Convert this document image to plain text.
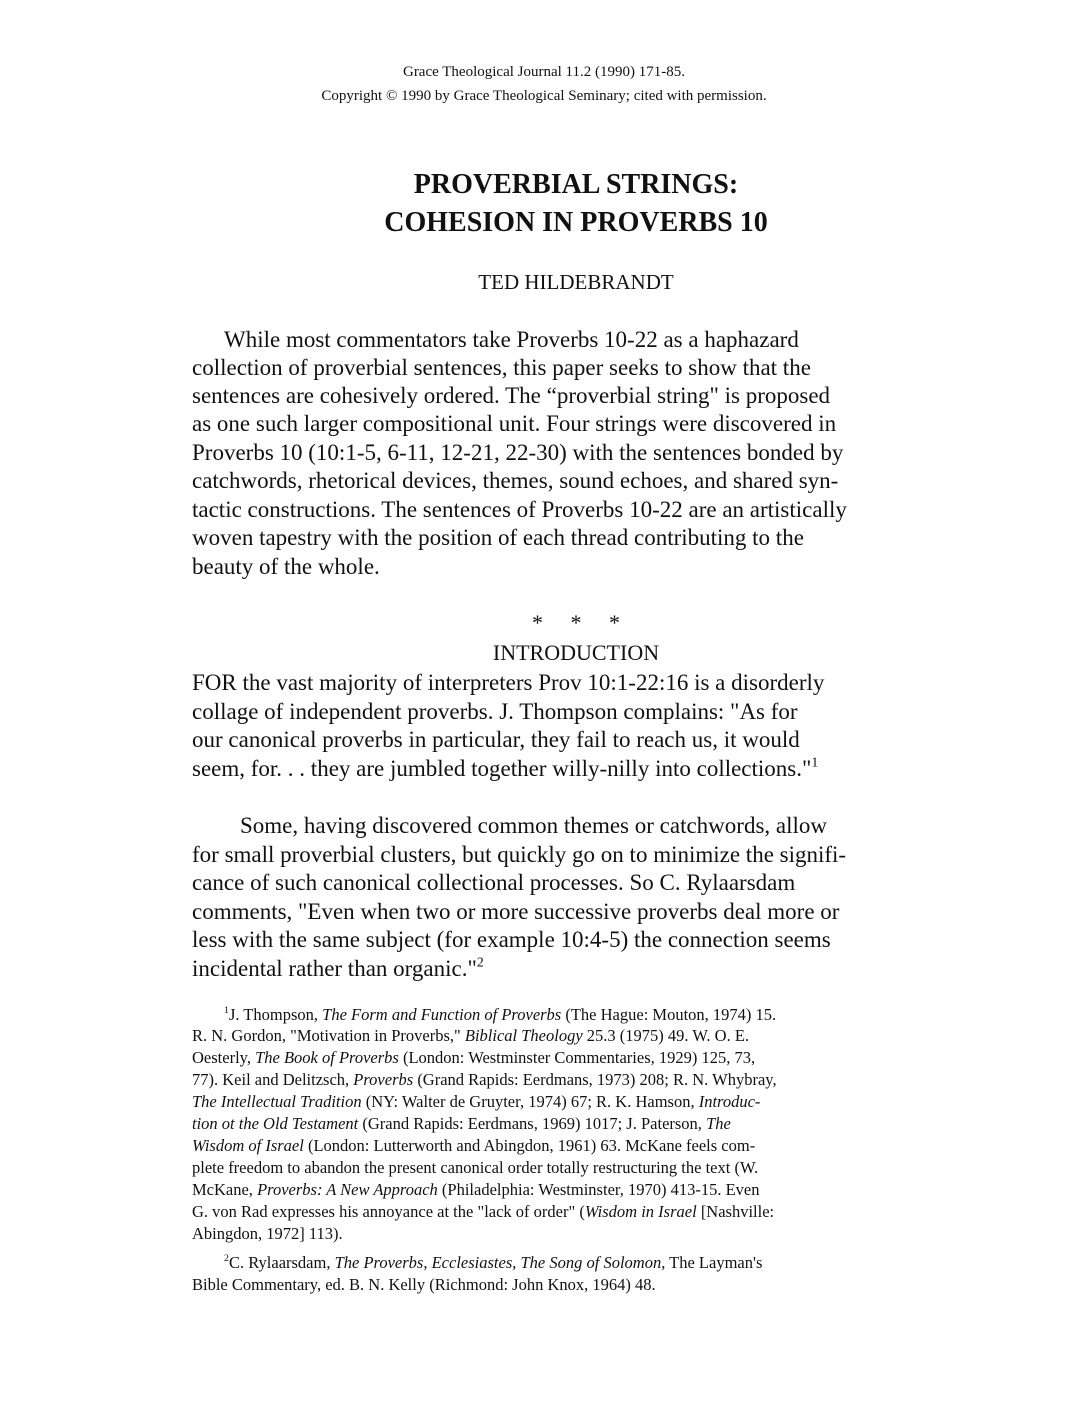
Grace Theological Journal 11.2 (1990) 171-85.
Copyright © 1990 by Grace Theological Seminary; cited with permission.
PROVERBIAL STRINGS:
COHESION IN PROVERBS 10
TED HILDEBRANDT
While most commentators take Proverbs 10-22 as a haphazard
collection of proverbial sentences, this paper seeks to show that the
sentences are cohesively ordered. The “proverbial string" is proposed
as one such larger compositional unit. Four strings were discovered in
Proverbs 10 (10:1-5, 6-11, 12-21, 22-30) with the sentences bonded by
catchwords, rhetorical devices, themes, sound echoes, and shared syn-
tactic constructions. The sentences of Proverbs 10-22 are an artistically
woven tapestry with the position of each thread contributing to the
beauty of the whole.
*     *     *
INTRODUCTION
FOR the vast majority of interpreters Prov 10:1-22:16 is a disorderly
collage of independent proverbs. J. Thompson complains: "As for
our canonical proverbs in particular, they fail to reach us, it would
seem, for. . . they are jumbled together willy-nilly into collections."$^1$
Some, having discovered common themes or catchwords, allow
for small proverbial clusters, but quickly go on to minimize the signifi-
cance of such canonical collectional processes. So C. Rylaarsdam
comments, "Even when two or more successive proverbs deal more or
less with the same subject (for example 10:4-5) the connection seems
incidental rather than organic."$^2$
$^1$J. Thompson, The Form and Function of Proverbs (The Hague: Mouton, 1974) 15.
R. N. Gordon, "Motivation in Proverbs," Biblical Theology 25.3 (1975) 49. W. O. E.
Oesterly, The Book of Proverbs (London: Westminster Commentaries, 1929) 125, 73,
77). Keil and Delitzsch, Proverbs (Grand Rapids: Eerdmans, 1973) 208; R. N. Whybray,
The Intellectual Tradition (NY: Walter de Gruyter, 1974) 67; R. K. Hamson, Introduc-
tion ot the Old Testament (Grand Rapids: Eerdmans, 1969) 1017; J. Paterson, The
Wisdom of Israel (London: Lutterworth and Abingdon, 1961) 63. McKane feels com-
plete freedom to abandon the present canonical order totally restructuring the text (W.
McKane, Proverbs: A New Approach (Philadelphia: Westminster, 1970) 413-15. Even
G. von Rad expresses his annoyance at the "lack of order" (Wisdom in Israel [Nashville:
Abingdon, 1972] 113).
$^2$C. Rylaarsdam, The Proverbs, Ecclesiastes, The Song of Solomon, The Layman's
Bible Commentary, ed. B. N. Kelly (Richmond: John Knox, 1964) 48.
